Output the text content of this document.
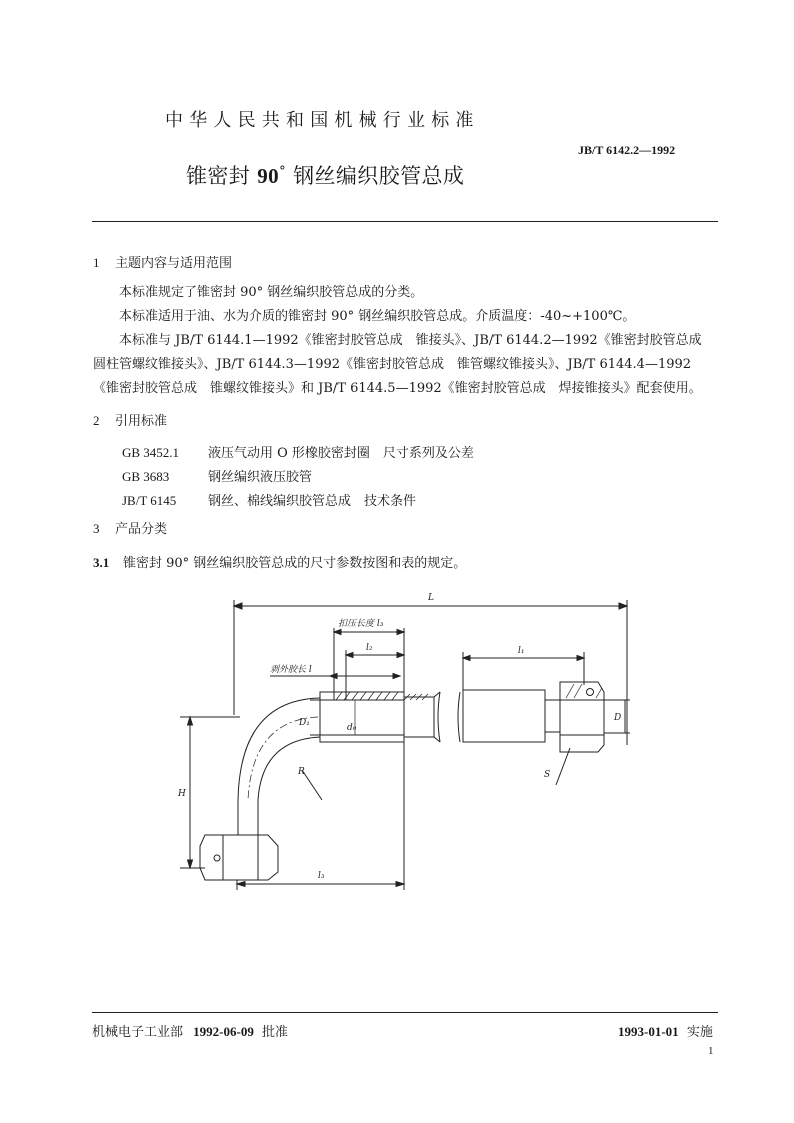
中华人民共和国机械行业标准
JB/T 6142.2—1992
锥密封 90° 钢丝编织胶管总成
1 主题内容与适用范围
本标准规定了锥密封 90° 钢丝编织胶管总成的分类。
本标准适用于油、水为介质的锥密封 90° 钢丝编织胶管总成。介质温度：-40~+100℃。
本标准与 JB/T 6144.1—1992《锥密封胶管总成　锥接头》、JB/T 6144.2—1992《锥密封胶管总成　圆柱管螺纹锥接头》、JB/T 6144.3—1992《锥密封胶管总成　锥管螺纹锥接头》、JB/T 6144.4—1992《锥密封胶管总成　锥螺纹锥接头》和 JB/T 6144.5—1992《锥密封胶管总成　焊接锥接头》配套使用。
2 引用标准
GB 3452.1 液压气动用 O 形橡胶密封圈　尺寸系列及公差
GB 3683	钢丝编织液压胶管
JB/T 6145 钢丝、棉线编织胶管总成　技术条件
3 产品分类
3.1 锥密封 90° 钢丝编织胶管总成的尺寸参数按图和表的规定。
L
扣压长度 l₃
l₂
剥外胶长 l
l₁
D₁	d₀
D
R
H
S
l₃
机械电子工业部 1992-06-09 批准	1993-01-01 实施
1
